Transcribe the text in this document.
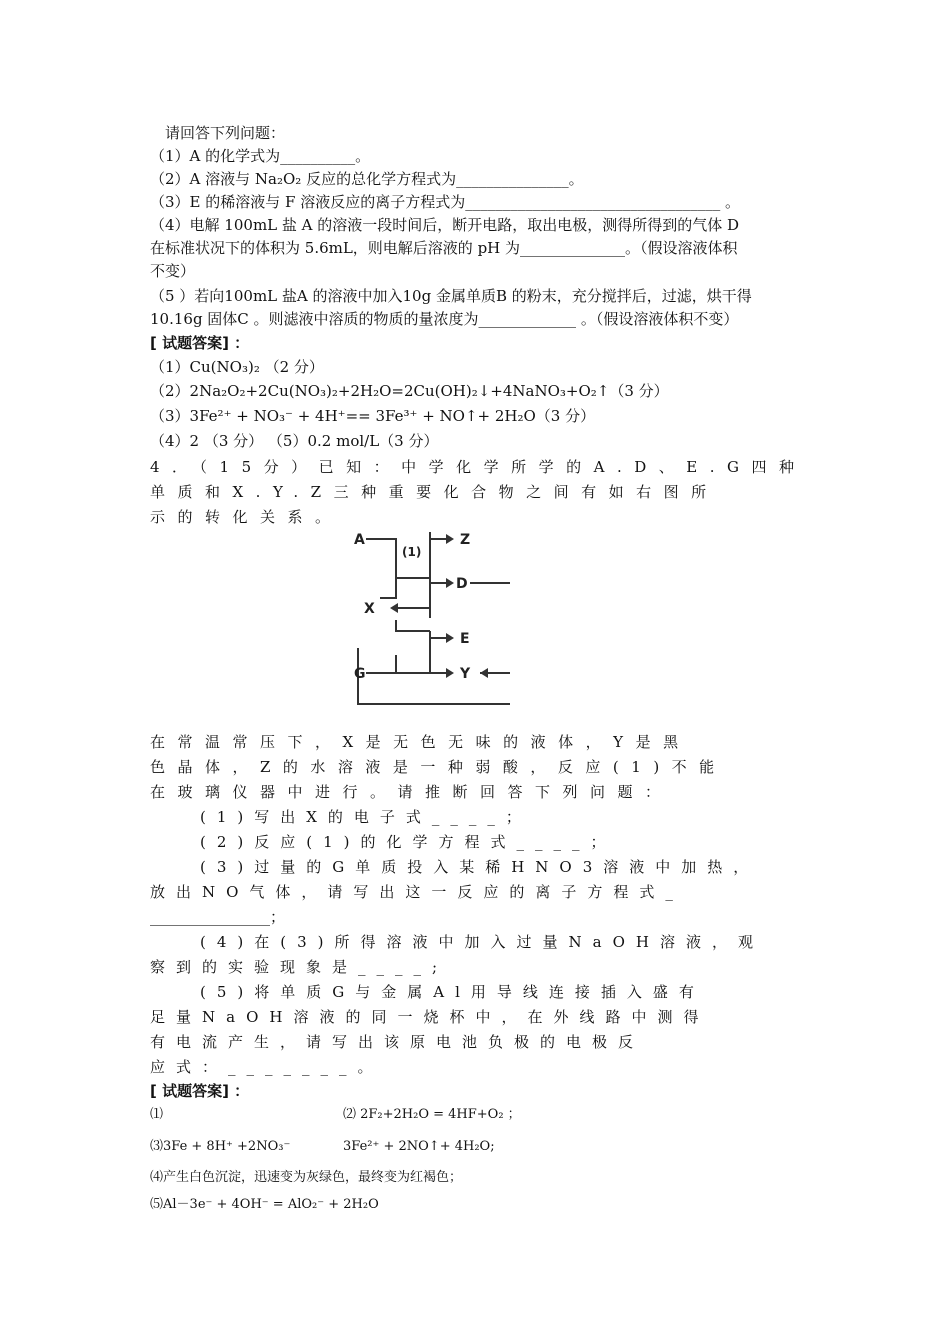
请回答下列问题：
（1）A 的化学式为__________。
（2）A 溶液与 Na₂O₂ 反应的总化学方程式为_______________。
（3）E 的稀溶液与 F 溶液反应的离子方程式为__________________________________ 。
（4）电解 100mL 盐 A 的溶液一段时间后，断开电路，取出电极，测得所得到的气体 D
在标准状况下的体积为 5.6mL，则电解后溶液的 pH 为______________。（假设溶液体积
不变）
（5 ）若向100mL 盐A 的溶液中加入10g 金属单质B 的粉末，充分搅拌后，过滤，烘干得
10.16g 固体C 。则滤液中溶质的物质的量浓度为_____________ 。（假设溶液体积不变）
[ 试题答案] ：
（1）Cu(NO₃)₂ （2 分）
（2）2Na₂O₂+2Cu(NO₃)₂+2H₂O=2Cu(OH)₂↓+4NaNO₃+O₂↑（3 分）
（3）3Fe²⁺ + NO₃⁻ + 4H⁺== 3Fe³⁺ + NO↑+ 2H₂O（3 分）
（4）2 （3 分） （5）0.2 mol/L（3 分）
4．（15分）已知：中学化学所学的A.D、E.G四种
单质和X.Y.Z三种重要化合物之间有如右图所
示的转化关系。
A
(1)
Z
D
X
E
G	Y
在常温常压下，X是无色无味的液体，Y是黑
色晶体，Z的水溶液是一种弱酸，反应(1)不能
在玻璃仪器中进行。请推断回答下列问题：
(1)写出X的电子式____；
(2)反应(1)的化学方程式____；
(3)过量的G单质投入某稀HNO3溶液中加热，
放出NO气体，请写出这一反应的离子方程式_
________________；
(4)在(3)所得溶液中加入过量NaOH溶液，观
察到的实验现象是____;
(5)将单质G与金属Al用导线连接插入盛有
足量NaOH溶液的同一烧杯中，在外线路中测得
有电流产生，请写出该原电池负极的电极反
应式：_______。
[ 试题答案] ：
⑴	⑵ 2F₂+2H₂O = 4HF+O₂ ；
⑶3Fe + 8H⁺ +2NO₃⁻	3Fe²⁺ + 2NO↑+ 4H₂O;
⑷产生白色沉淀，迅速变为灰绿色，最终变为红褐色；
⑸Al－3e⁻ + 4OH⁻ = AlO₂⁻ + 2H₂O
